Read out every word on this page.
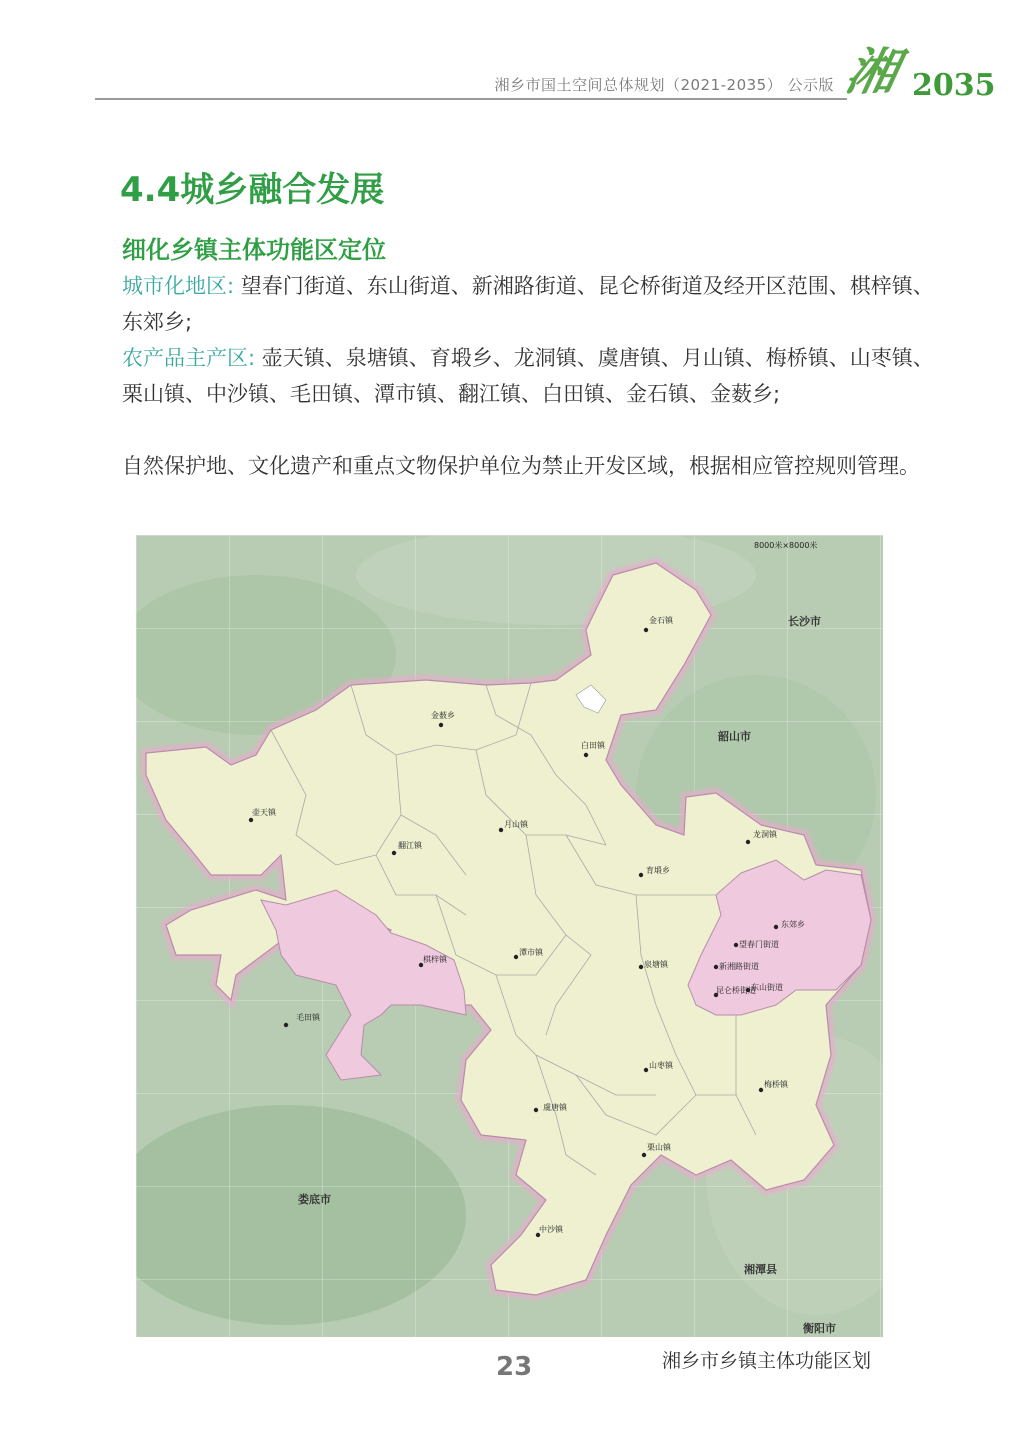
湘乡市国土空间总体规划（2021-2035） 公示版 湘 2035
4.4城乡融合发展
细化乡镇主体功能区定位
城市化地区: 望春门街道、东山街道、新湘路街道、昆仑桥街道及经开区范围、棋梓镇、东郊乡;
农产品主产区: 壶天镇、泉塘镇、育塅乡、龙洞镇、虞唐镇、月山镇、梅桥镇、山枣镇、栗山镇、中沙镇、毛田镇、潭市镇、翻江镇、白田镇、金石镇、金薮乡;
自然保护地、文化遗产和重点文物保护单位为禁止开发区域，根据相应管控规则管理。
金石镇
金薮乡
白田镇
壶天镇
月山镇
翻江镇
龙洞镇
育塅乡
东郊乡
棋梓镇
潭市镇
泉塘镇
望春门街道
新湘路街道
昆仑桥街道
东山街道
毛田镇
山枣镇
梅桥镇
虞唐镇
栗山镇
中沙镇
长沙市
韶山市
娄底市
湘潭县
衡阳市
8000米×8000米
23	湘乡市乡镇主体功能区划
